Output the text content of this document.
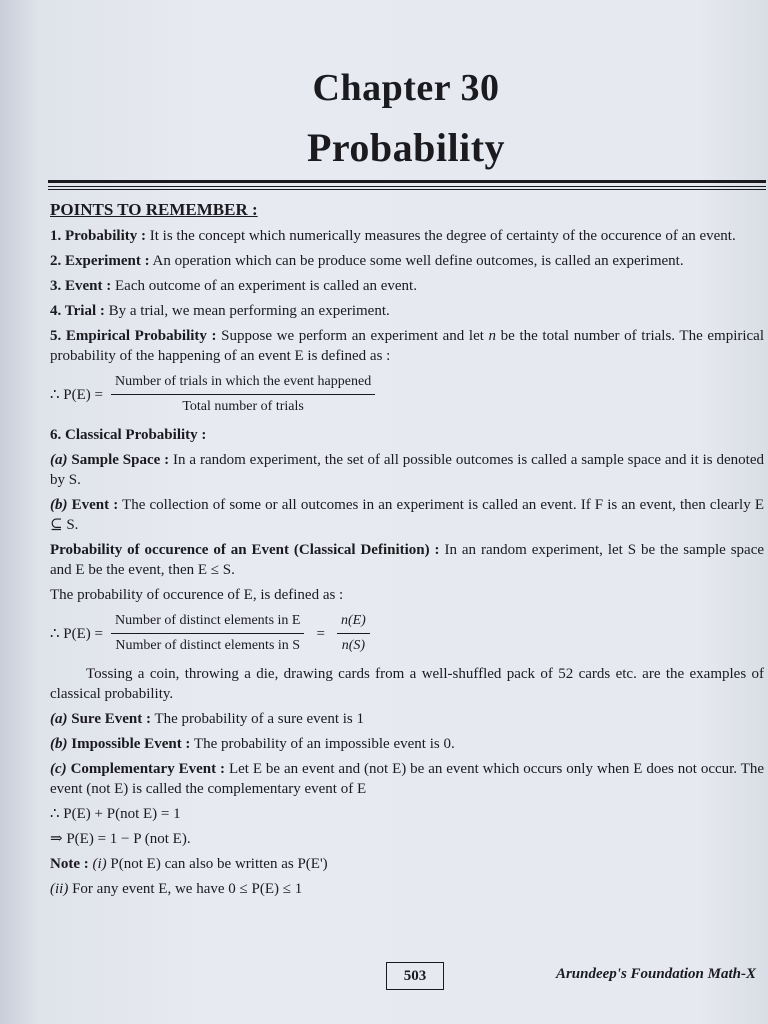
Chapter 30
Probability
POINTS TO REMEMBER :

1. Probability : It is the concept which numerically measures the degree of certainty of the occurence of an event.

2. Experiment : An operation which can be produce some well define outcomes, is called an experiment.

3. Event : Each outcome of an experiment is called an event.

4. Trial : By a trial, we mean performing an experiment.

5. Empirical Probability : Suppose we perform an experiment and let n be the total number of trials. The empirical probability of the happening of an event E is defined as :

∴ $P(E) = \frac{\text{Number of trials in which the event happened}}{\text{Total number of trials}}$

6. Classical Probability :

(a) Sample Space : In a random experiment, the set of all possible outcomes is called a sample space and it is denoted by S.

(b) Event : The collection of some or all outcomes in an experiment is called an event. If F is an event, then clearly E ⊆ S.

Probability of occurence of an Event (Classical Definition) : In an random experiment, let S be the sample space and E be the event, then E ≤ S.

The probability of occurence of E, is defined as :

∴ $P(E) = \frac{\text{Number of distinct elements in E}}{\text{Number of distinct elements in S}} = \frac{n(E)}{n(S)}$

Tossing a coin, throwing a die, drawing cards from a well-shuffled pack of 52 cards etc. are the examples of classical probability.

(a) Sure Event : The probability of a sure event is 1

(b) Impossible Event : The probability of an impossible event is 0.

(c) Complementary Event : Let E be an event and (not E) be an event which occurs only when E does not occur. The event (not E) is called the complementary event of E

∴ P(E) + P(not E) = 1

⇒ P(E) = 1 − P (not E).

Note : (i) P(not E) can also be written as P(E')

(ii) For any event E, we have 0 ≤ P(E) ≤ 1

503	Arundeep's Foundation Math-X
